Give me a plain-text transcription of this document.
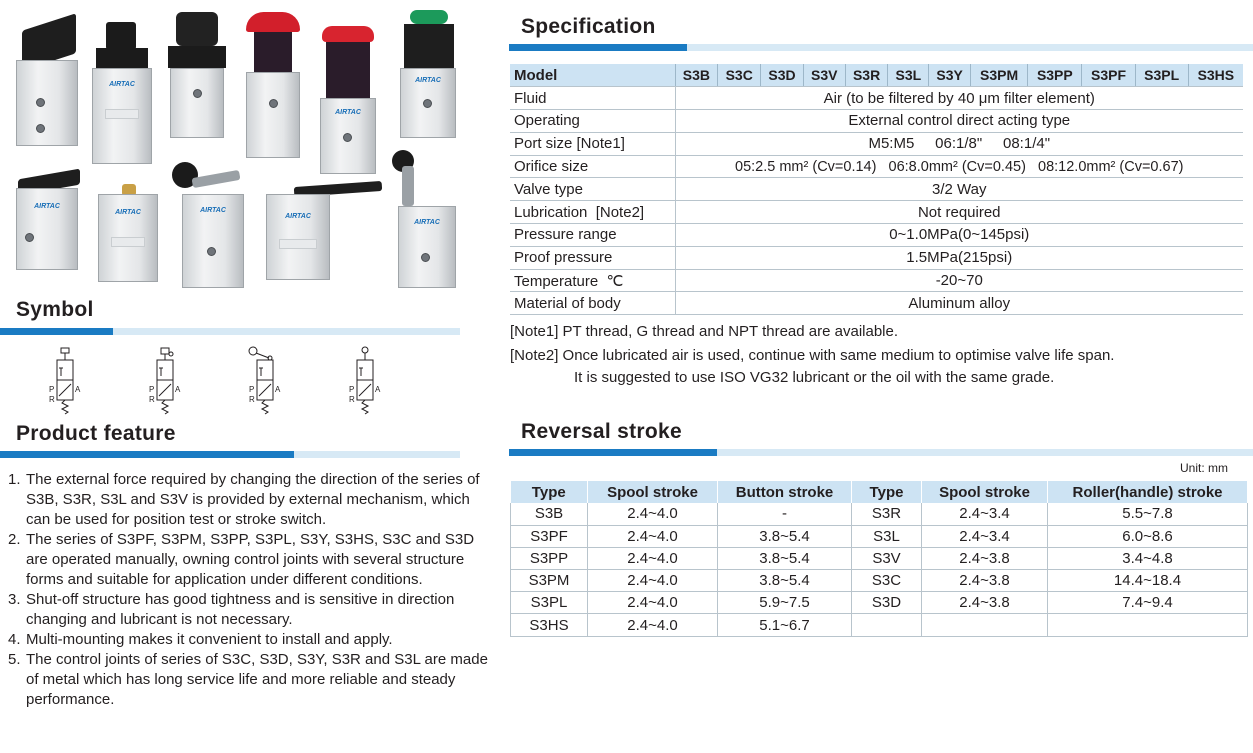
AIRTAC
AIRTAC
AIRTAC
AIRTAC
AIRTAC	AIRTAC
AIRTAC
AIRTAC
Symbol
P
R
A	P
R
A	P
R
A	P
R
A
Product feature
1. The external force required by changing the direction of the series of S3B, S3R, S3L and S3V is provided by external mechanism, which can be used for position test or stroke switch.
2. The series of S3PF, S3PM, S3PP, S3PL, S3Y, S3HS, S3C and S3D are operated manually, owning control joints with several structure forms and suitable for application under different conditions.
3. Shut-off structure has good tightness and is sensitive in direction changing and lubricant is not necessary.
4. Multi-mounting makes it convenient to install and apply.
5. The control joints of series of S3C, S3D, S3Y, S3R and S3L are made of metal which has long service life and more reliable and steady performance.
Specification
Model	S3B	S3C	S3D	S3V	S3R	S3L	S3Y	S3PM	S3PP	S3PF	S3PL	S3HS
Fluid	Air (to be filtered by 40 μm filter element)											
Operating	External control direct acting type											
Port size [Note1]	M5:M5     06:1/8"     08:1/4"											
Orifice size	05:2.5 mm² (Cv=0.14)   06:8.0mm² (Cv=0.45)   08:12.0mm² (Cv=0.67)											
Valve type	3/2 Way											
Lubrication  [Note2]	Not required											
Pressure range	0~1.0MPa(0~145psi)											
Proof pressure	1.5MPa(215psi)											
Temperature  ℃	-20~70											
Material of body	Aluminum alloy											
[Note1] PT thread, G thread and NPT thread are available.
[Note2] Once lubricated air is used, continue with same medium to optimise valve life span.
It is suggested to use ISO VG32 lubricant or the oil with the same grade.
Reversal stroke
Unit: mm
Type	Spool stroke	Button stroke	Type	Spool stroke	Roller(handle) stroke
S3B	2.4~4.0	-	S3R	2.4~3.4	5.5~7.8
S3PF	2.4~4.0	3.8~5.4	S3L	2.4~3.4	6.0~8.6
S3PP	2.4~4.0	3.8~5.4	S3V	2.4~3.8	3.4~4.8
S3PM	2.4~4.0	3.8~5.4	S3C	2.4~3.8	14.4~18.4
S3PL	2.4~4.0	5.9~7.5	S3D	2.4~3.8	7.4~9.4
S3HS	2.4~4.0	5.1~6.7			
